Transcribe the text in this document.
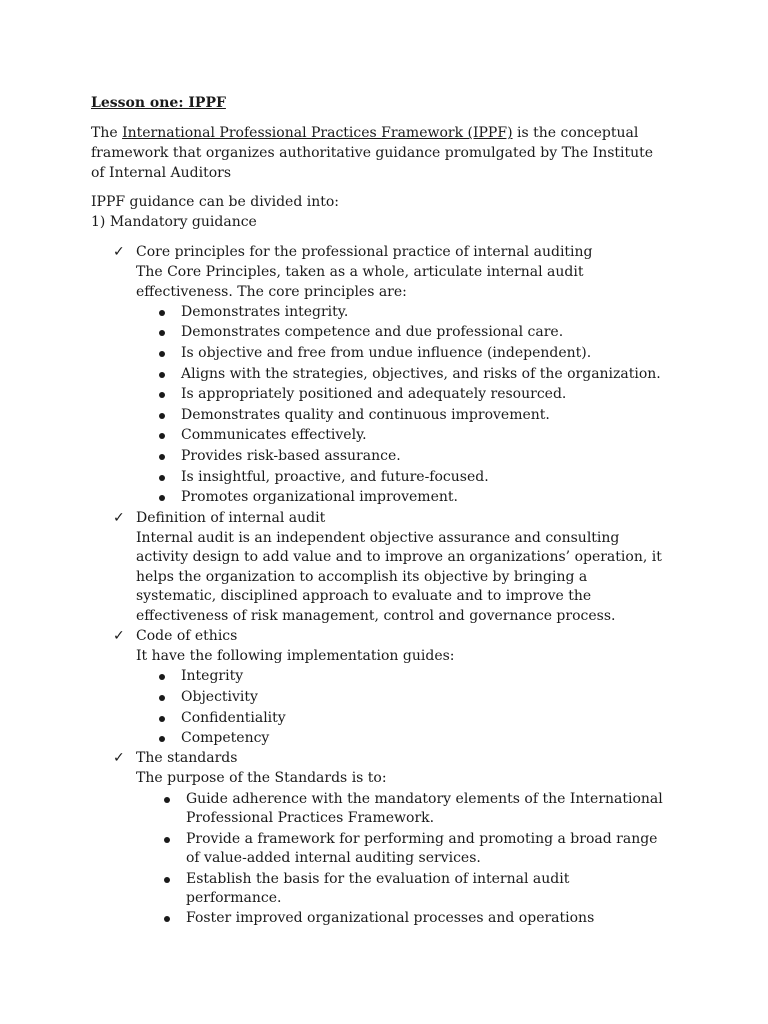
Lesson one: IPPF
The International Professional Practices Framework (IPPF) is the conceptual
framework that organizes authoritative guidance promulgated by The Institute
of Internal Auditors
IPPF guidance can be divided into:
1) Mandatory guidance
✓ Core principles for the professional practice of internal auditing
The Core Principles, taken as a whole, articulate internal audit
effectiveness. The core principles are:
Demonstrates integrity.
Demonstrates competence and due professional care.
Is objective and free from undue influence (independent).
Aligns with the strategies, objectives, and risks of the organization.
Is appropriately positioned and adequately resourced.
Demonstrates quality and continuous improvement.
Communicates effectively.
Provides risk-based assurance.
Is insightful, proactive, and future-focused.
Promotes organizational improvement.
✓ Definition of internal audit
Internal audit is an independent objective assurance and consulting
activity design to add value and to improve an organizations’ operation, it
helps the organization to accomplish its objective by bringing a
systematic, disciplined approach to evaluate and to improve the
effectiveness of risk management, control and governance process.
✓ Code of ethics
It have the following implementation guides:
Integrity
Objectivity
Confidentiality
Competency
✓ The standards
The purpose of the Standards is to:
Guide adherence with the mandatory elements of the International
Professional Practices Framework.
Provide a framework for performing and promoting a broad range
of value-added internal auditing services.
Establish the basis for the evaluation of internal audit
performance.
Foster improved organizational processes and operations
